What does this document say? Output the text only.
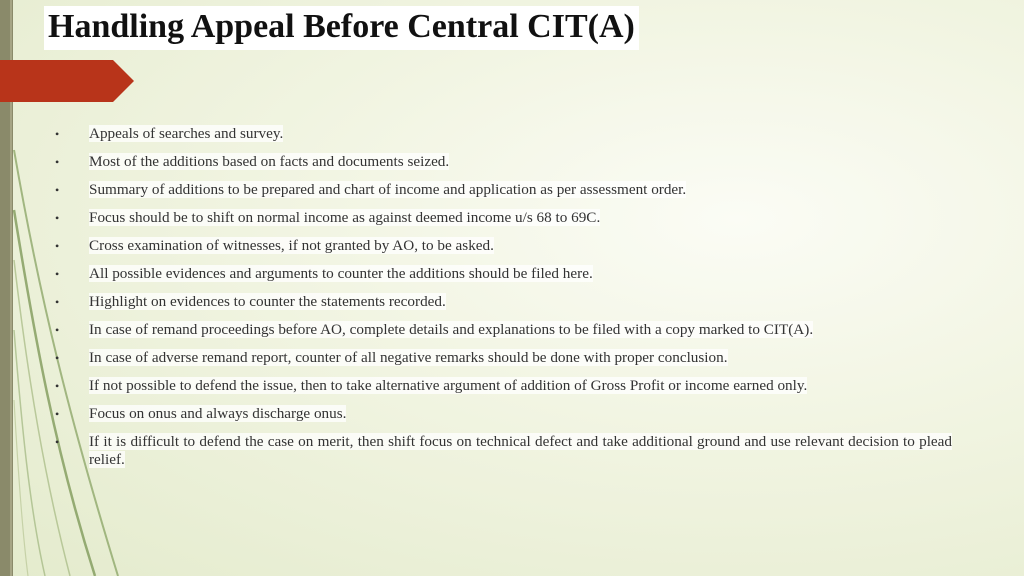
Handling Appeal Before Central CIT(A)
• Appeals of searches and survey.
• Most of the additions based on facts and documents seized.
• Summary of additions to be prepared and chart of income and application as per assessment order.
• Focus should be to shift on normal income as against deemed income u/s 68 to 69C.
• Cross examination of witnesses, if not granted by AO, to be asked.
• All possible evidences and arguments to counter the additions should be filed here.
• Highlight on evidences to counter the statements recorded.
• In case of remand proceedings before AO, complete details and explanations to be filed with a copy marked to CIT(A).
• In case of adverse remand report, counter of all negative remarks should be done with proper conclusion.
• If not possible to defend the issue, then to take alternative argument of addition of Gross Profit or income earned only.
• Focus on onus and always discharge onus.
• If it is difficult to defend the case on merit, then shift focus on technical defect and take additional ground and use relevant decision to plead relief.
